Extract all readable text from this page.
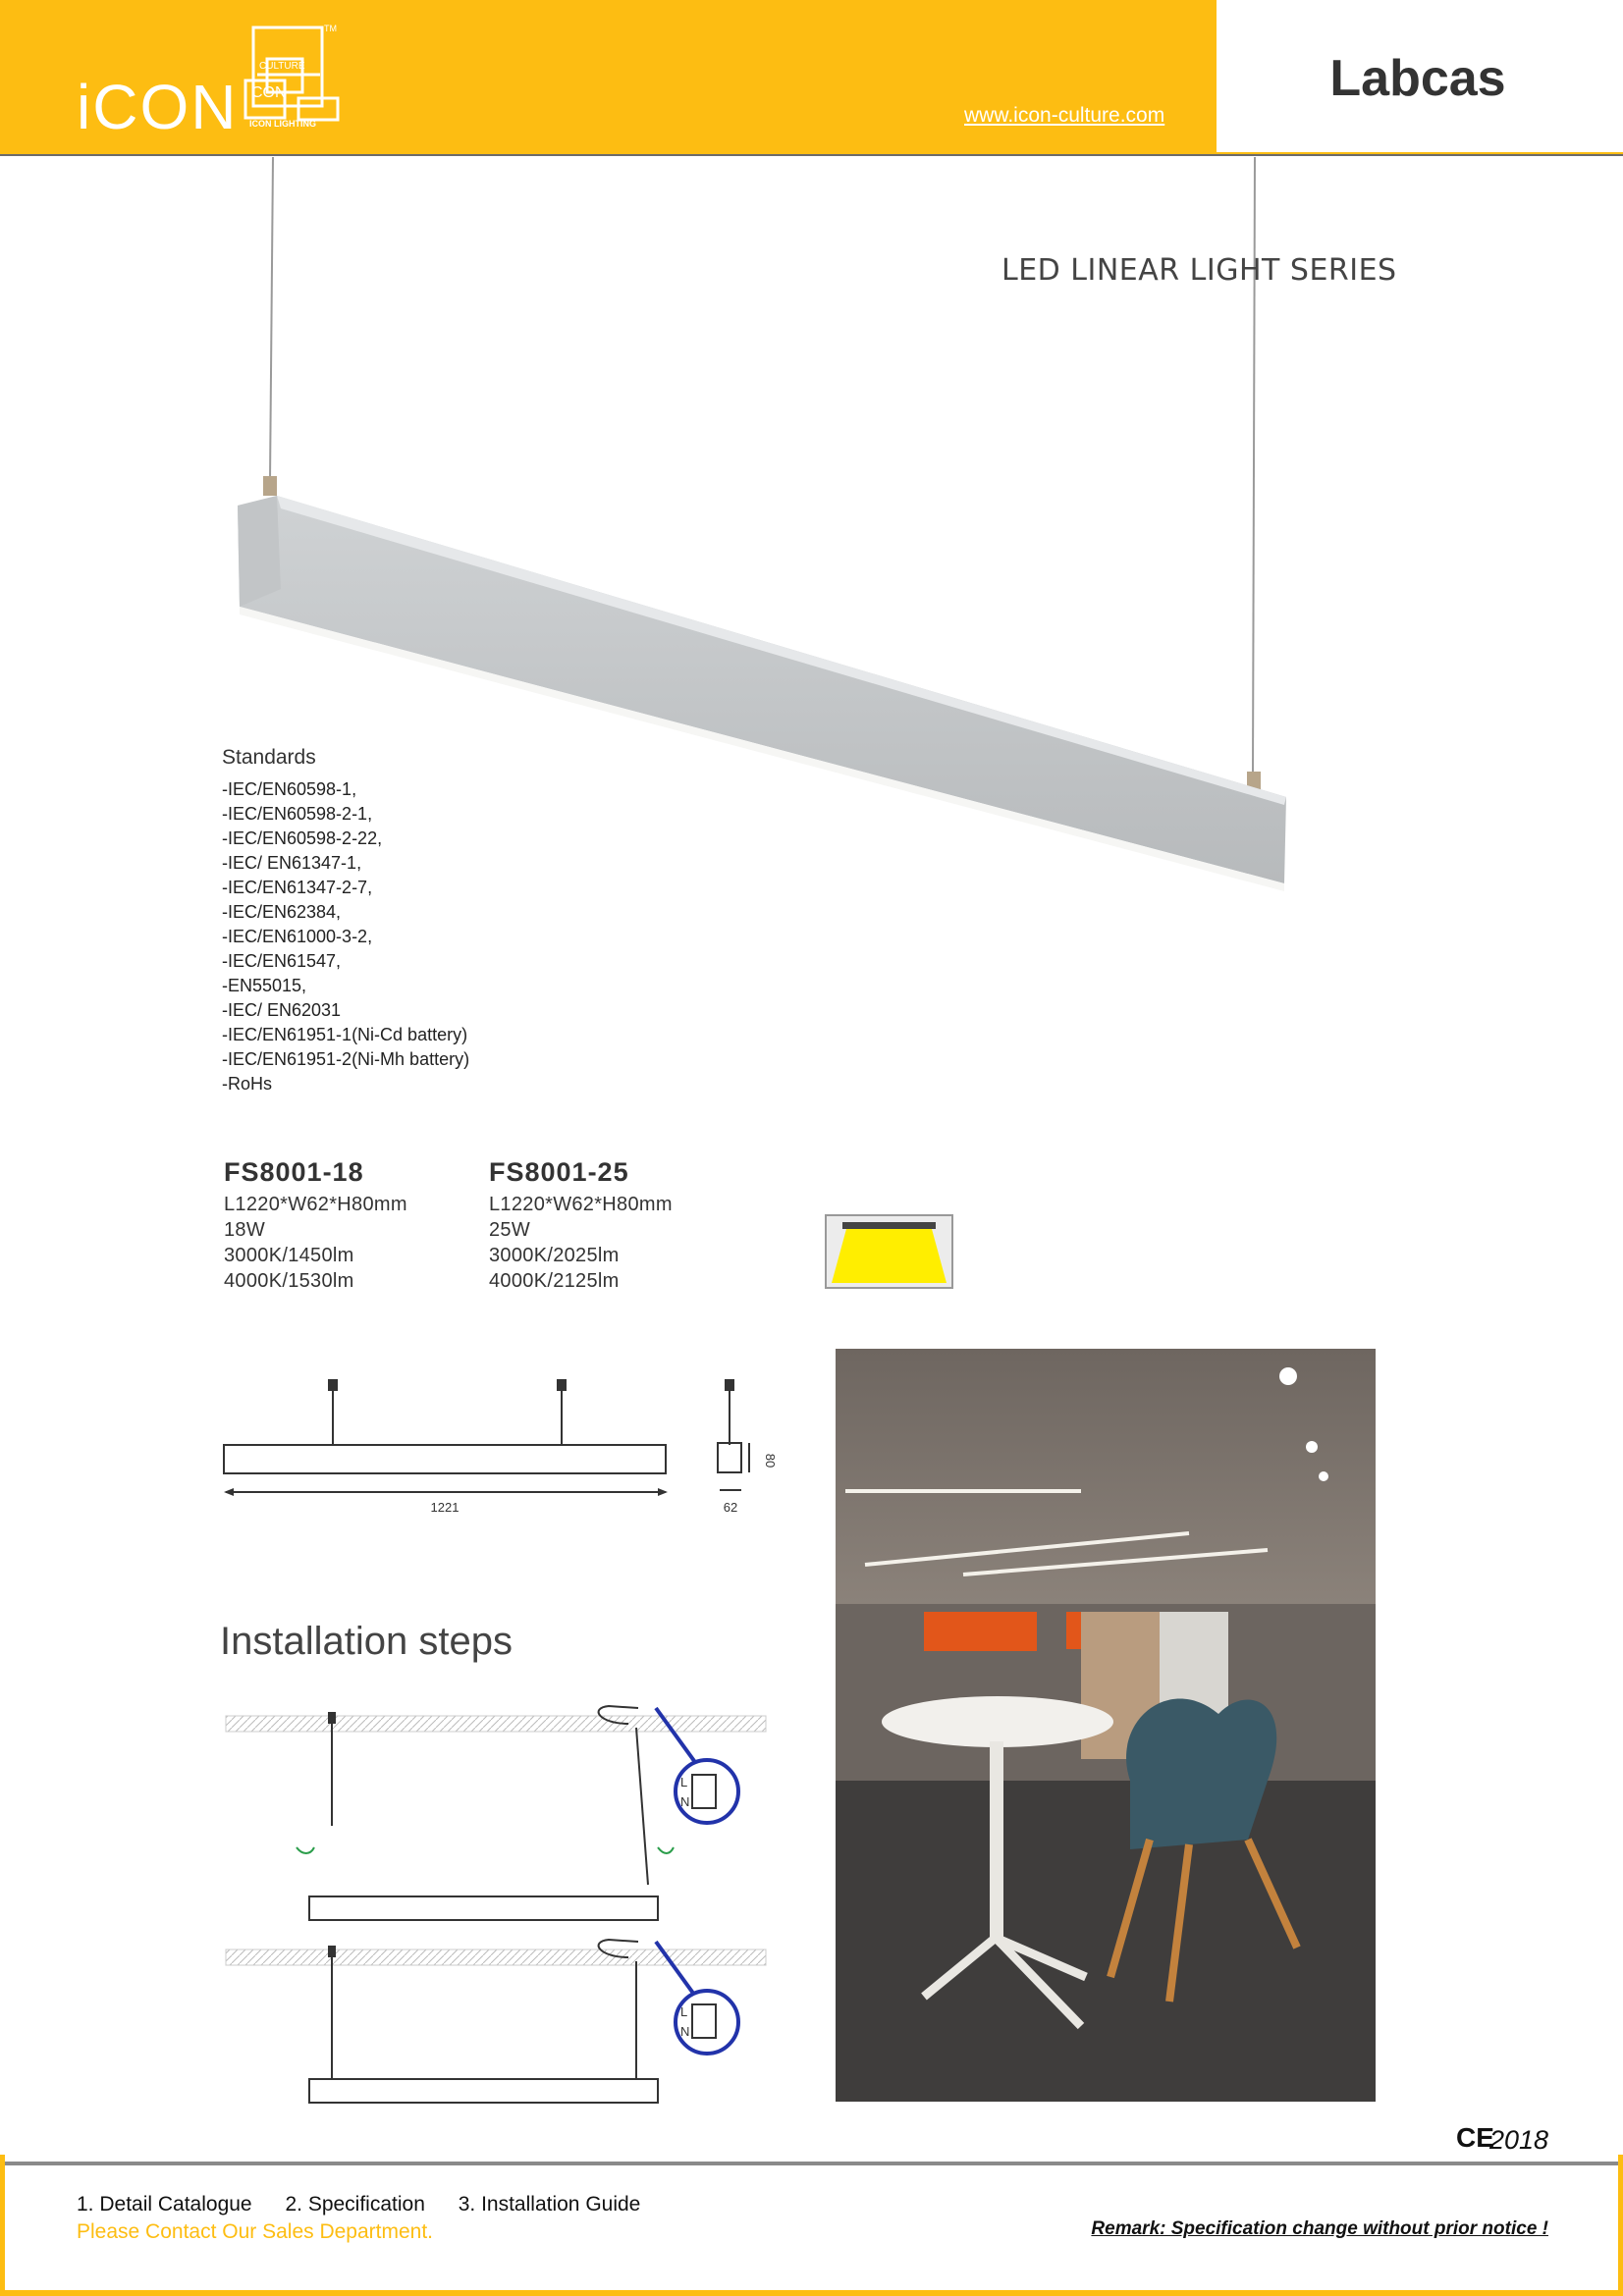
iCON
TM
CULTURE
CON
ICON LIGHTING	www.icon-culture.com
Labcas
LED LINEAR LIGHT SERIES
Standards
-IEC/EN60598-1,
-IEC/EN60598-2-1,
-IEC/EN60598-2-22,
-IEC/ EN61347-1,
-IEC/EN61347-2-7,
-IEC/EN62384,
-IEC/EN61000-3-2,
-IEC/EN61547,
-EN55015,
-IEC/ EN62031
-IEC/EN61951-1(Ni-Cd battery)
-IEC/EN61951-2(Ni-Mh battery)
-RoHs
FS8001-18
L1220*W62*H80mm
18W
3000K/1450lm
4000K/1530lm
FS8001-25
L1220*W62*H80mm
25W
3000K/2025lm
4000K/2125lm
1221	62
80
Installation steps
L
N
L
N
CE
2018
1. Detail Catalogue 2. Specification 3. Installation Guide
Please Contact Our Sales Department.	Remark: Specification change without prior notice !
